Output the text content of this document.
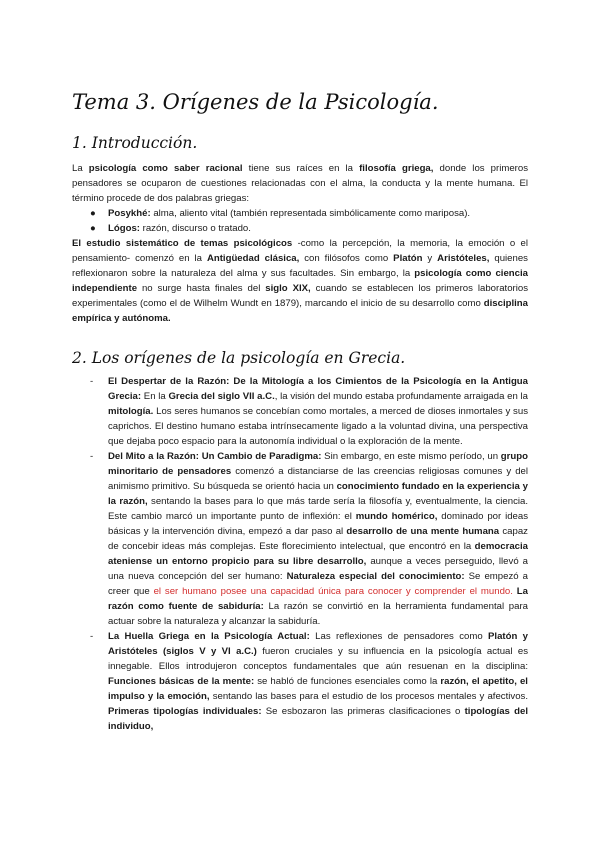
Tema 3. Orígenes de la Psicología.
1. Introducción.

La psicología como saber racional tiene sus raíces en la filosofía griega, donde los primeros pensadores se ocuparon de cuestiones relacionadas con el alma, la conducta y la mente humana. El término procede de dos palabras griegas:

● Posykhé: alma, aliento vital (también representada simbólicamente como mariposa).
● Lógos: razón, discurso o tratado.

El estudio sistemático de temas psicológicos -como la percepción, la memoria, la emoción o el pensamiento- comenzó en la Antigüedad clásica, con filósofos como Platón y Aristóteles, quienes reflexionaron sobre la naturaleza del alma y sus facultades. Sin embargo, la psicología como ciencia independiente no surge hasta finales del siglo XIX, cuando se establecen los primeros laboratorios experimentales (como el de Wilhelm Wundt en 1879), marcando el inicio de su desarrollo como disciplina empírica y autónoma.

2. Los orígenes de la psicología en Grecia.
- El Despertar de la Razón: De la Mitología a los Cimientos de la Psicología en la Antigua Grecia: En la Grecia del siglo VII a.C., la visión del mundo estaba profundamente arraigada en la mitología. Los seres humanos se concebían como mortales, a merced de dioses inmortales y sus caprichos. El destino humano estaba intrínsecamente ligado a la voluntad divina, una perspectiva que dejaba poco espacio para la autonomía individual o la exploración de la mente.
- Del Mito a la Razón: Un Cambio de Paradigma: Sin embargo, en este mismo período, un grupo minoritario de pensadores comenzó a distanciarse de las creencias religiosas comunes y del animismo primitivo. Su búsqueda se orientó hacia un conocimiento fundado en la experiencia y la razón, sentando la bases para lo que más tarde sería la filosofía y, eventualmente, la ciencia. Este cambio marcó un importante punto de inflexión: el mundo homérico, dominado por ideas básicas y la intervención divina, empezó a dar paso al desarrollo de una mente humana capaz de concebir ideas más complejas. Este florecimiento intelectual, que encontró en la democracia ateniense un entorno propicio para su libre desarrollo, aunque a veces perseguido, llevó a una nueva concepción del ser humano: Naturaleza especial del conocimiento: Se empezó a creer que el ser humano posee una capacidad única para conocer y comprender el mundo. La razón como fuente de sabiduría: La razón se convirtió en la herramienta fundamental para actuar sobre la naturaleza y alcanzar la sabiduría.
- La Huella Griega en la Psicología Actual: Las reflexiones de pensadores como Platón y Aristóteles (siglos V y VI a.C.) fueron cruciales y su influencia en la psicología actual es innegable. Ellos introdujeron conceptos fundamentales que aún resuenan en la disciplina: Funciones básicas de la mente: se habló de funciones esenciales como la razón, el apetito, el impulso y la emoción, sentando las bases para el estudio de los procesos mentales y afectivos. Primeras tipologías individuales: Se esbozaron las primeras clasificaciones o tipologías del individuo,
